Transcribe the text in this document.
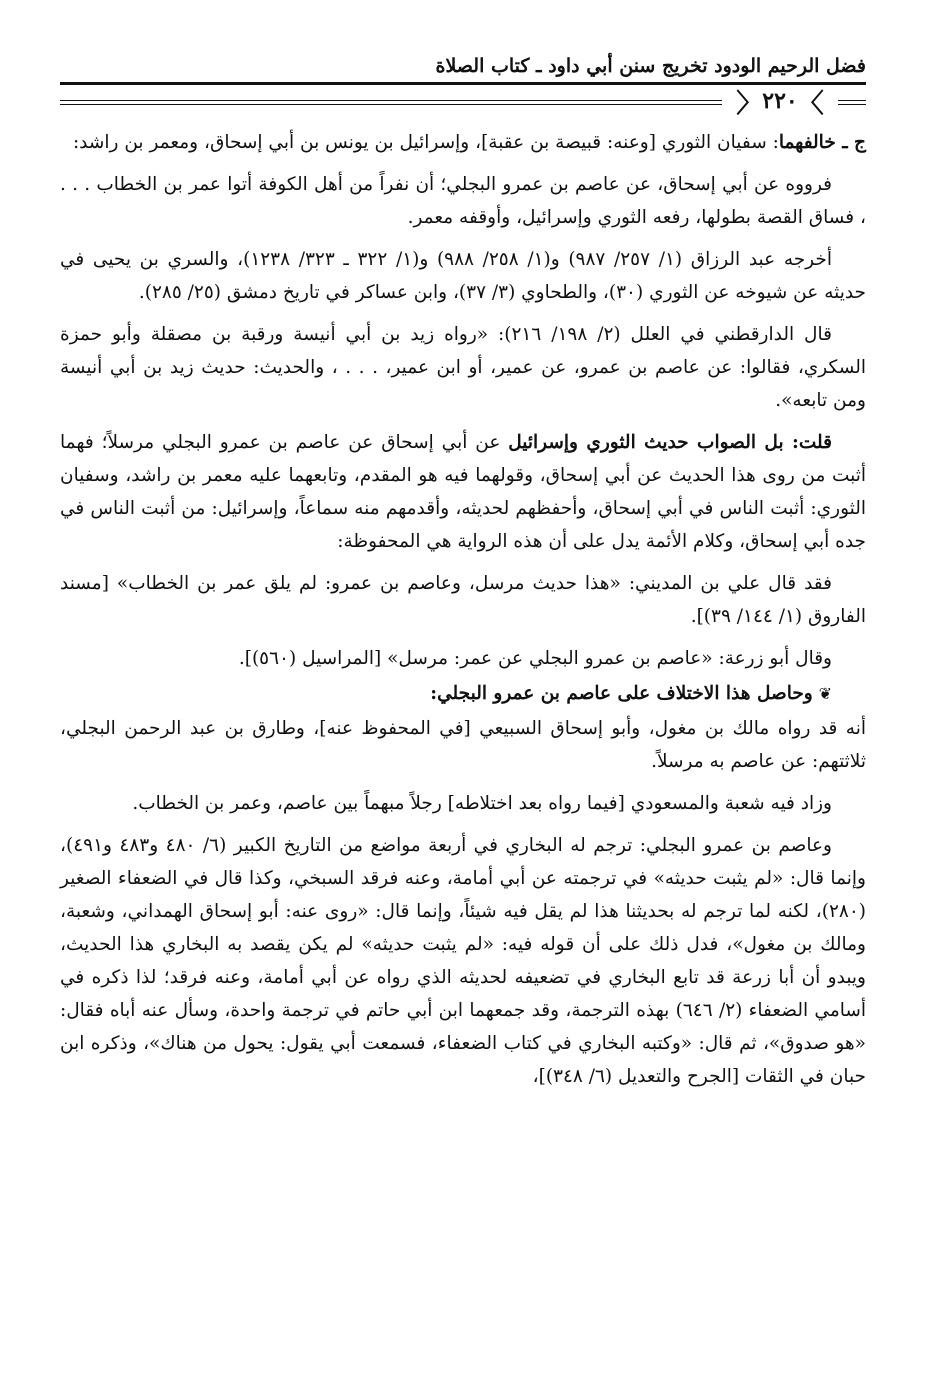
فضل الرحيم الودود تخريج سنن أبي داود ـ كتاب الصلاة
〉
٢٢٠
〈

ج ـ خالفهما: سفيان الثوري [وعنه: قبيصة بن عقبة]، وإسرائيل بن يونس بن أبي إسحاق، ومعمر بن راشد:

فرووه عن أبي إسحاق، عن عاصم بن عمرو البجلي؛ أن نفراً من أهل الكوفة أتوا عمر بن الخطاب . . . ، فساق القصة بطولها، رفعه الثوري وإسرائيل، وأوقفه معمر.

أخرجه عبد الرزاق (١/ ٢٥٧/ ٩٨٧) و(١/ ٢٥٨/ ٩٨٨) و(١/ ٣٢٢ ـ ٣٢٣/ ١٢٣٨)، والسري بن يحيى في حديثه عن شيوخه عن الثوري (٣٠)، والطحاوي (٣/ ٣٧)، وابن عساكر في تاريخ دمشق (٢٥/ ٢٨٥).

قال الدارقطني في العلل (٢/ ١٩٨/ ٢١٦): «رواه زيد بن أبي أنيسة ورقبة بن مصقلة وأبو حمزة السكري، فقالوا: عن عاصم بن عمرو، عن عمير، أو ابن عمير، . . . ، والحديث: حديث زيد بن أبي أنيسة ومن تابعه».

قلت: بل الصواب حديث الثوري وإسرائيل عن أبي إسحاق عن عاصم بن عمرو البجلي مرسلاً؛ فهما أثبت من روى هذا الحديث عن أبي إسحاق، وقولهما فيه هو المقدم، وتابعهما عليه معمر بن راشد، وسفيان الثوري: أثبت الناس في أبي إسحاق، وأحفظهم لحديثه، وأقدمهم منه سماعاً، وإسرائيل: من أثبت الناس في جده أبي إسحاق، وكلام الأئمة يدل على أن هذه الرواية هي المحفوظة:

فقد قال علي بن المديني: «هذا حديث مرسل، وعاصم بن عمرو: لم يلق عمر بن الخطاب» [مسند الفاروق (١/ ١٤٤/ ٣٩)].

وقال أبو زرعة: «عاصم بن عمرو البجلي عن عمر: مرسل» [المراسيل (٥٦٠)].

❦ وحاصل هذا الاختلاف على عاصم بن عمرو البجلي:

أنه قد رواه مالك بن مغول، وأبو إسحاق السبيعي [في المحفوظ عنه]، وطارق بن عبد الرحمن البجلي، ثلاثتهم: عن عاصم به مرسلاً.

وزاد فيه شعبة والمسعودي [فيما رواه بعد اختلاطه] رجلاً مبهماً بين عاصم، وعمر بن الخطاب.

وعاصم بن عمرو البجلي: ترجم له البخاري في أربعة مواضع من التاريخ الكبير (٦/ ٤٨٠ و٤٨٣ و٤٩١)، وإنما قال: «لم يثبت حديثه» في ترجمته عن أبي أمامة، وعنه فرقد السبخي، وكذا قال في الضعفاء الصغير (٢٨٠)، لكنه لما ترجم له بحديثنا هذا لم يقل فيه شيئاً، وإنما قال: «روى عنه: أبو إسحاق الهمداني، وشعبة، ومالك بن مغول»، فدل ذلك على أن قوله فيه: «لم يثبت حديثه» لم يكن يقصد به البخاري هذا الحديث، ويبدو أن أبا زرعة قد تابع البخاري في تضعيفه لحديثه الذي رواه عن أبي أمامة، وعنه فرقد؛ لذا ذكره في أسامي الضعفاء (٢/ ٦٤٦) بهذه الترجمة، وقد جمعهما ابن أبي حاتم في ترجمة واحدة، وسأل عنه أباه فقال: «هو صدوق»، ثم قال: «وكتبه البخاري في كتاب الضعفاء، فسمعت أبي يقول: يحول من هناك»، وذكره ابن حبان في الثقات [الجرح والتعديل (٦/ ٣٤٨)]،
